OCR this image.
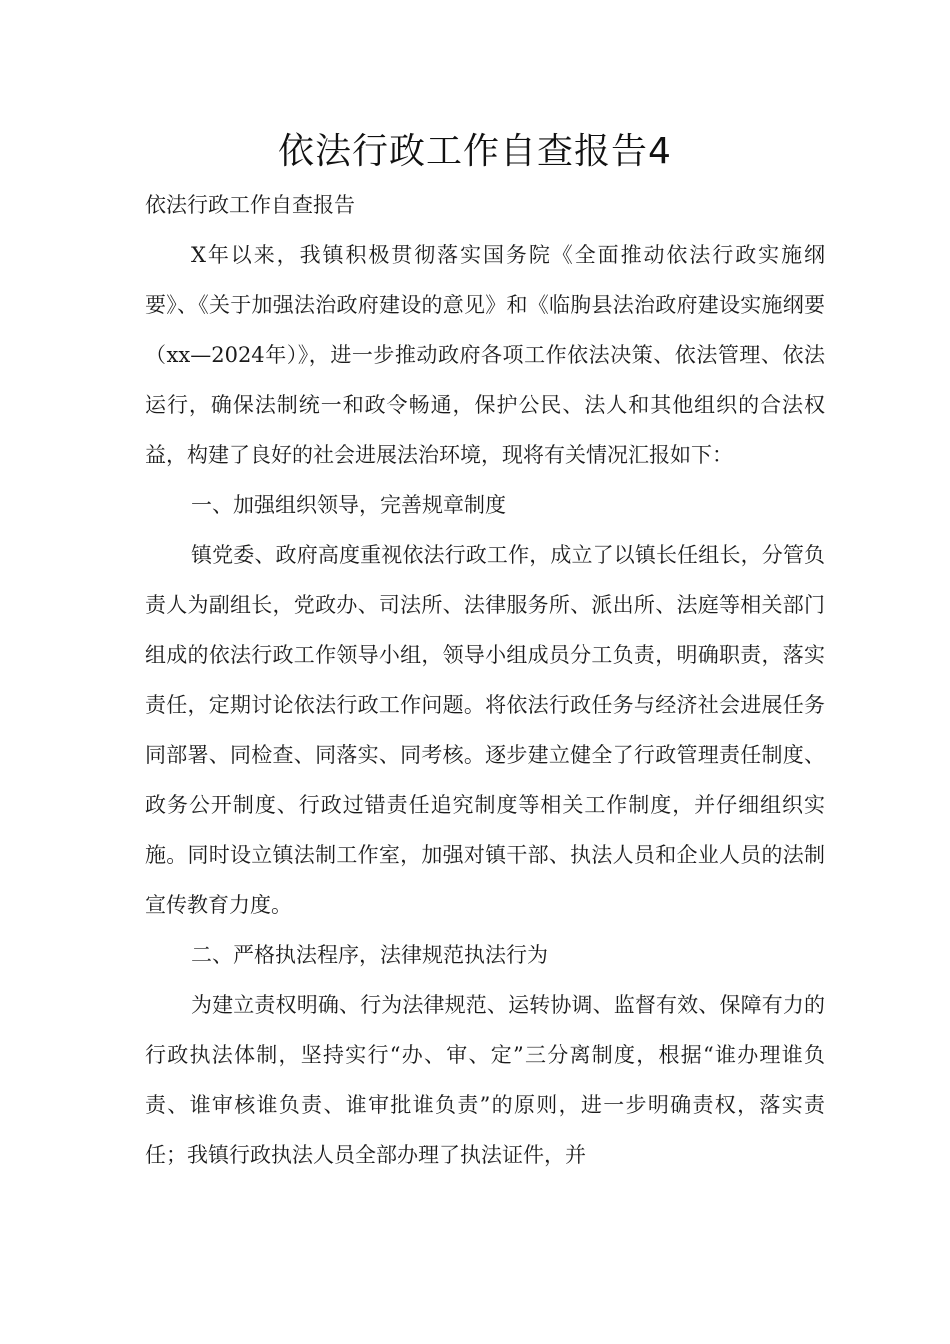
依法行政工作自查报告4

依法行政工作自查报告

X年以来，我镇积极贯彻落实国务院《全面推动依法行政实施纲要》、《关于加强法治政府建设的意见》和《临朐县法治政府建设实施纲要（xx—2024年）》，进一步推动政府各项工作依法决策、依法管理、依法运行，确保法制统一和政令畅通，保护公民、法人和其他组织的合法权益，构建了良好的社会进展法治环境，现将有关情况汇报如下：

一、加强组织领导，完善规章制度

镇党委、政府高度重视依法行政工作，成立了以镇长任组长，分管负责人为副组长，党政办、司法所、法律服务所、派出所、法庭等相关部门组成的依法行政工作领导小组，领导小组成员分工负责，明确职责，落实责任，定期讨论依法行政工作问题。将依法行政任务与经济社会进展任务同部署、同检查、同落实、同考核。逐步建立健全了行政管理责任制度、政务公开制度、行政过错责任追究制度等相关工作制度，并仔细组织实施。同时设立镇法制工作室，加强对镇干部、执法人员和企业人员的法制宣传教育力度。

二、严格执法程序，法律规范执法行为

为建立责权明确、行为法律规范、运转协调、监督有效、保障有力的行政执法体制，坚持实行“办、审、定”三分离制度，根据“谁办理谁负责、谁审核谁负责、谁审批谁负责”的原则，进一步明确责权，落实责任；我镇行政执法人员全部办理了执法证件，并
